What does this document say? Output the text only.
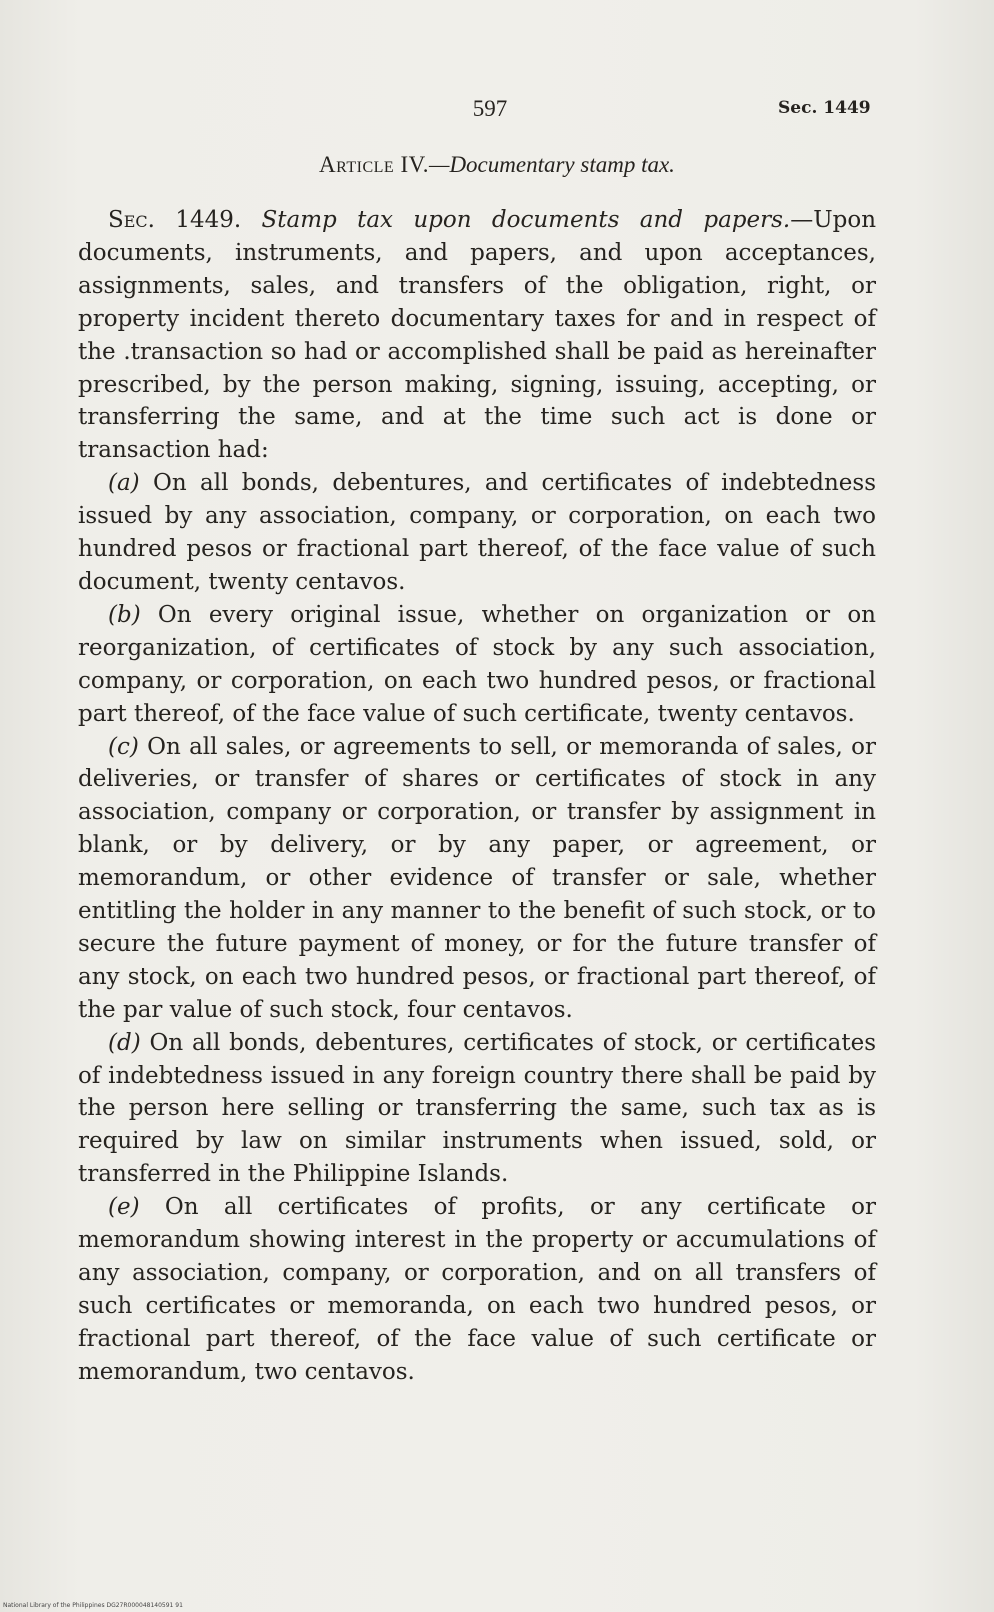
597	Sec. 1449
Article IV.—Documentary stamp tax.

Sec. 1449. Stamp tax upon documents and papers.—Upon documents, instruments, and papers, and upon acceptances, assignments, sales, and transfers of the obligation, right, or property incident thereto documentary taxes for and in respect of the .transaction so had or accomplished shall be paid as hereinafter prescribed, by the person making, signing, issuing, accepting, or transferring the same, and at the time such act is done or transaction had:

(a) On all bonds, debentures, and certificates of indebtedness issued by any association, company, or corporation, on each two hundred pesos or fractional part thereof, of the face value of such document, twenty centavos.

(b) On every original issue, whether on organization or on reorganization, of certificates of stock by any such association, company, or corporation, on each two hundred pesos, or fractional part thereof, of the face value of such certificate, twenty centavos.

(c) On all sales, or agreements to sell, or memoranda of sales, or deliveries, or transfer of shares or certificates of stock in any association, company or corporation, or transfer by assignment in blank, or by delivery, or by any paper, or agreement, or memorandum, or other evidence of transfer or sale, whether entitling the holder in any manner to the benefit of such stock, or to secure the future payment of money, or for the future transfer of any stock, on each two hundred pesos, or fractional part thereof, of the par value of such stock, four centavos.

(d) On all bonds, debentures, certificates of stock, or certificates of indebtedness issued in any foreign country there shall be paid by the person here selling or transferring the same, such tax as is required by law on similar instruments when issued, sold, or transferred in the Philippine Islands.

(e) On all certificates of profits, or any certificate or memorandum showing interest in the property or accumulations of any association, company, or corporation, and on all transfers of such certificates or memoranda, on each two hundred pesos, or fractional part thereof, of the face value of such certificate or memorandum, two centavos.

National Library of the Philippines DG27R000048140591 91
